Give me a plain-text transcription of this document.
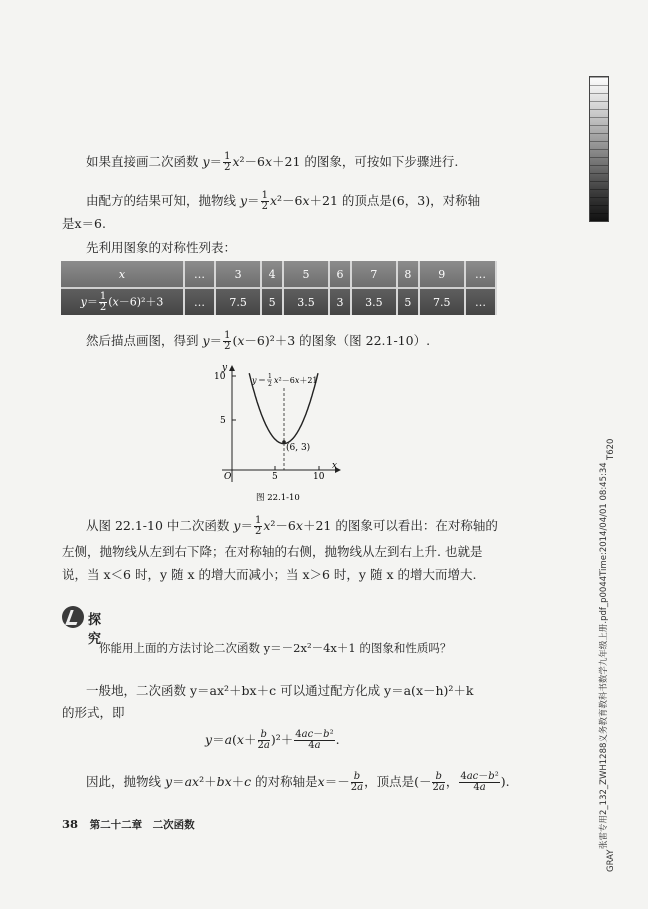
如果直接画二次函数 $y= \frac{1}{2} x^2-6x+21$ 的图象，可按如下步骤进行.
由配方的结果可知，抛物线 $y= \frac{1}{2} x^2-6x+21$ 的顶点是(6，3)，对称轴
是x＝6.
先利用图象的对称性列表：
x	…	3	4	5	6	7	8	9	…
$y= \frac{1}{2} (x-6)^2+3$	…	7.5	5	3.5	3	3.5	5	7.5	…
然后描点画图，得到 $y= \frac{1}{2} (x-6)^2+3$ 的图象（图 22.1-10）.
y
x
O
10
5
5	10
(6, 3)
y ＝ 1
2 x²－6x＋21
图 22.1-10
从图 22.1-10 中二次函数 $y= \frac{1}{2} x^2-6x+21$ 的图象可以看出：在对称轴的
左侧，抛物线从左到右下降；在对称轴的右侧，抛物线从左到右上升. 也就是
说，当 x＜6 时，y 随 x 的增大而减小；当 x＞6 时，y 随 x 的增大而增大.
探究
你能用上面的方法讨论二次函数 y＝－2x²－4x＋1 的图象和性质吗？
一般地，二次函数 y＝ax²＋bx＋c 可以通过配方化成 y＝a(x－h)²＋k
的形式，即
$y=a(x+ \frac{b}{2a} )^2+ \frac{\text{4ac－b²}}{4a}$ .
因此，抛物线 y＝ax²＋bx＋c 的对称轴是$x=- \frac{b}{2a}$ ，顶点是(－ $\frac{b}{2a}$ ， $\frac{\text{4ac－b²}}{4a}$ ).
38 第二十二章　二次函数	张雷专用2_132_ZWH1288义务教育教科书数学九年级上册.pdf_p0044Time:2014/04/01 08:45:34
T620
GRAY
